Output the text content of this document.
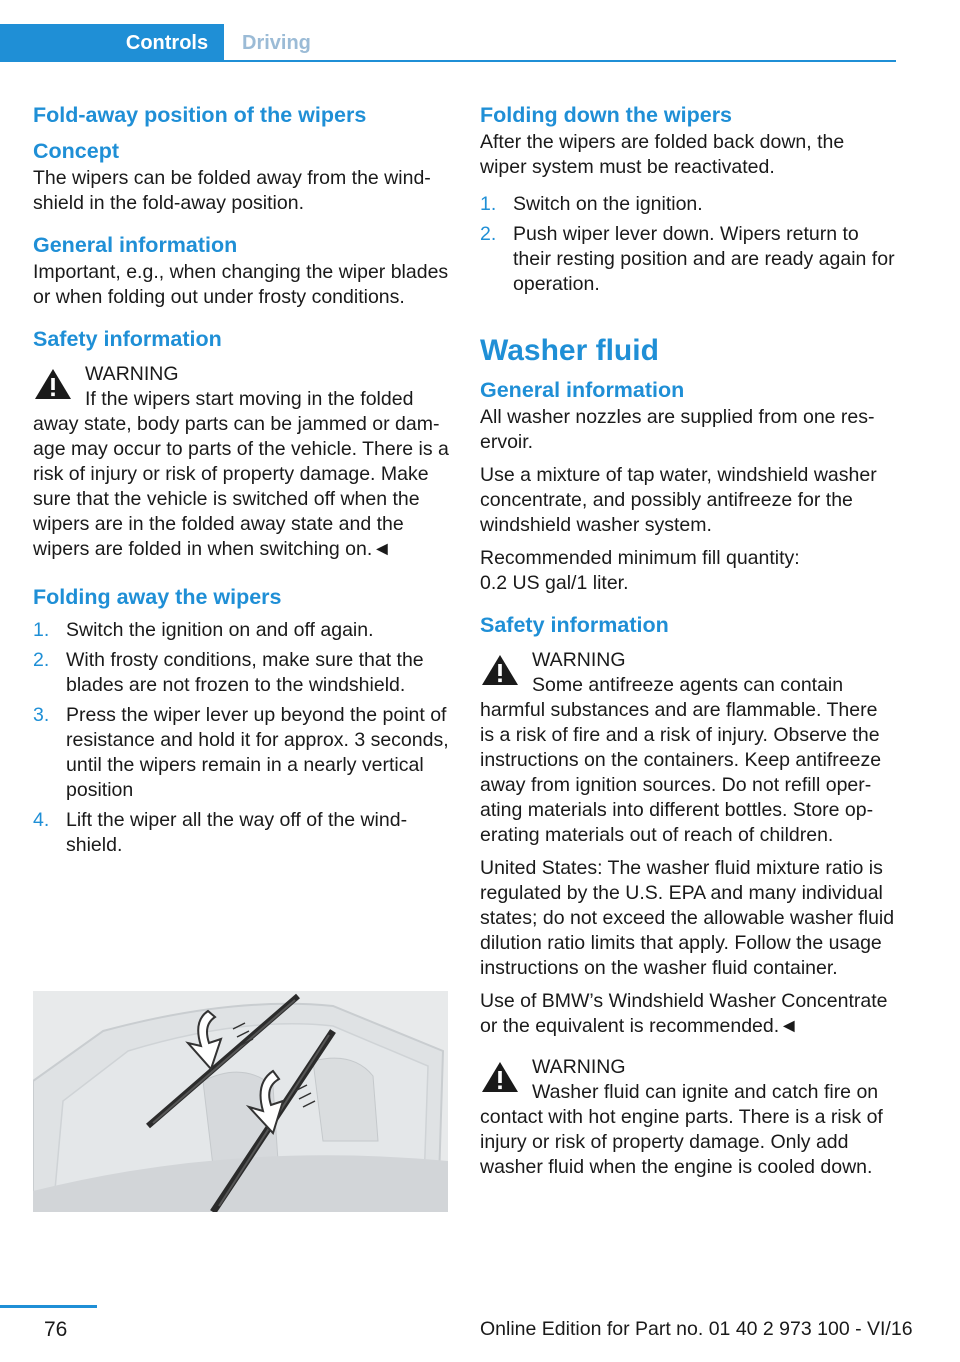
Controls	Driving
Fold-away position of the wipers
Concept

The wipers can be folded away from the windshield in the fold-away position.

General information

Important, e.g., when changing the wiper blades or when folding out under frosty conditions.

Safety information
WARNING
If the wipers start moving in the folded

away state, body parts can be jammed or damage may occur to parts of the vehicle. There is a risk of injury or risk of property damage. Make sure that the vehicle is switched off when the wipers are in the folded away state and the wipers are folded in when switching on.◄

Folding away the wipers
1. Switch the ignition on and off again.
2. With frosty conditions, make sure that the blades are not frozen to the windshield.
3. Press the wiper lever up beyond the point of resistance and hold it for approx. 3 seconds, until the wipers remain in a nearly vertical position
4. Lift the wiper all the way off of the windshield.
Folding down the wipers

After the wipers are folded back down, the wiper system must be reactivated.

1. Switch on the ignition.
2. Push wiper lever down. Wipers return to their resting position and are ready again for operation.
Washer fluid
General information

All washer nozzles are supplied from one reservoir.

Use a mixture of tap water, windshield washer concentrate, and possibly antifreeze for the windshield washer system.

Recommended minimum fill quantity:

0.2 US gal/1 liter.

Safety information
WARNING
Some antifreeze agents can contain

harmful substances and are flammable. There is a risk of fire and a risk of injury. Observe the instructions on the containers. Keep antifreeze away from ignition sources. Do not refill operating materials into different bottles. Store operating materials out of reach of children.

United States: The washer fluid mixture ratio is regulated by the U.S. EPA and many individual states; do not exceed the allowable washer fluid dilution ratio limits that apply. Follow the usage instructions on the washer fluid container.

Use of BMW’s Windshield Washer Concentrate or the equivalent is recommended.◄

WARNING
Washer fluid can ignite and catch fire on

contact with hot engine parts. There is a risk of injury or risk of property damage. Only add washer fluid when the engine is cooled down.

76	Online Edition for Part no. 01 40 2 973 100 - VI/16
